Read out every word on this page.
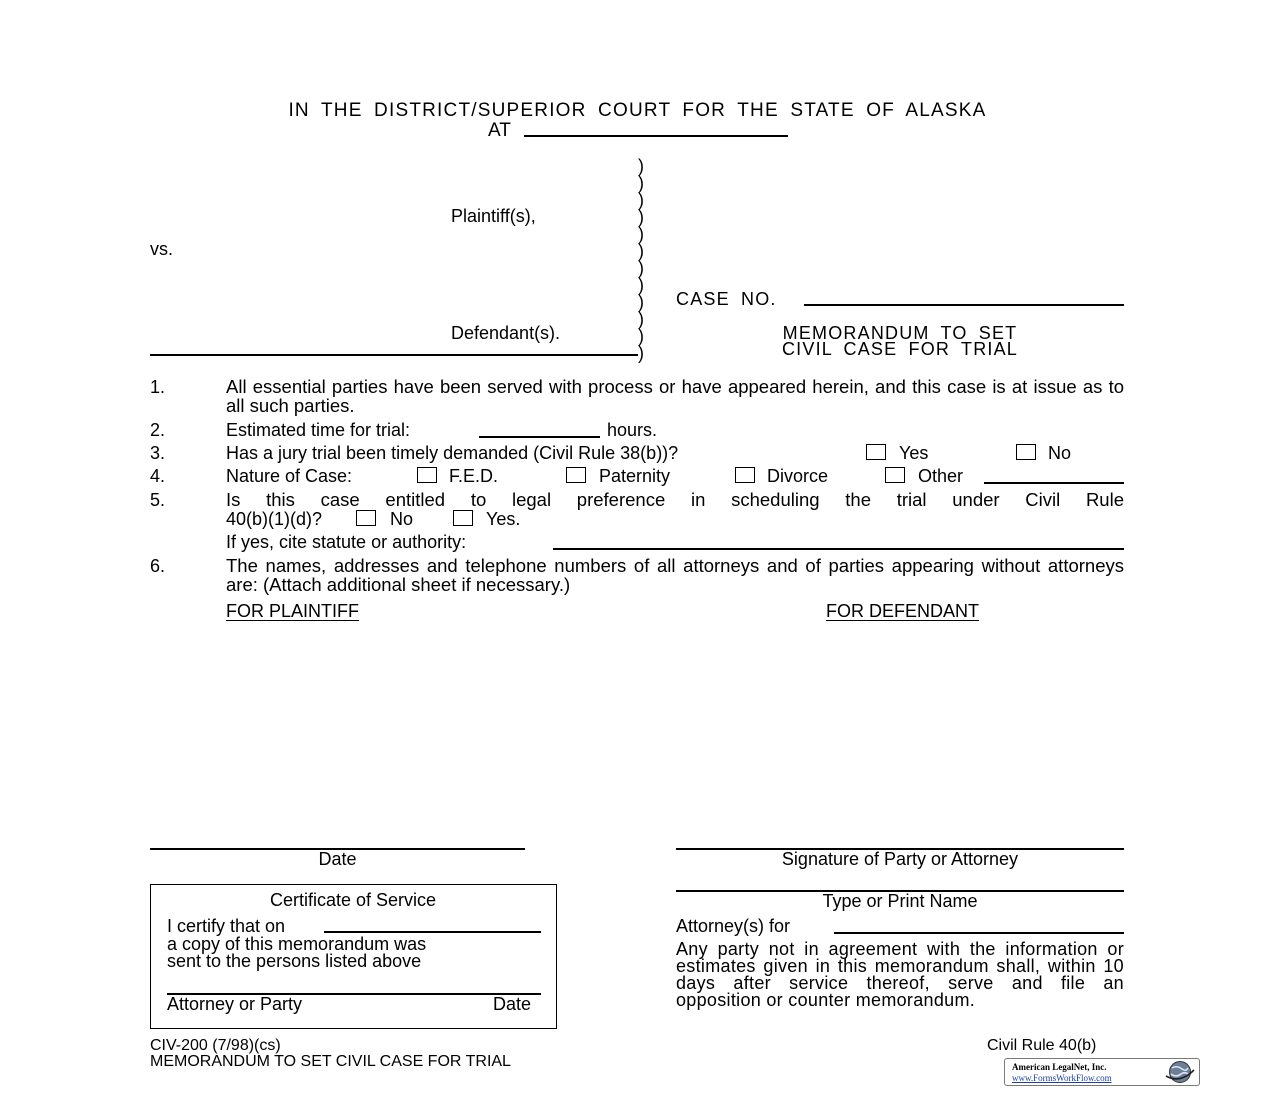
IN THE DISTRICT/SUPERIOR COURT FOR THE STATE OF ALASKA
AT
)
)
)
)
)
)
)
)
)
)
)
)
Plaintiff(s),
vs.
Defendant(s).
CASE NO.
MEMORANDUM TO SET
CIVIL CASE FOR TRIAL
1.	All essential parties have been served with process or have appeared herein, and this case is at issue as to all such parties.
2.	Estimated time for trial:	hours.
3.	Has a jury trial been timely demanded (Civil Rule 38(b))?	Yes	No
4.	Nature of Case:	F.E.D.	Paternity	Divorce	Other
5.	Is this case entitled to legal preference in scheduling the trial under Civil Rule
40(b)(1)(d)?	No	Yes.
If yes, cite statute or authority:
6.	The names, addresses and telephone numbers of all attorneys and of parties appearing without attorneys are: (Attach additional sheet if necessary.)
FOR PLAINTIFF	FOR DEFENDANT
Date	Signature of Party or Attorney
Type or Print Name
Attorney(s) for
Any party not in agreement with the information or estimates given in this memorandum shall, within 10 days after service thereof, serve and file an opposition or counter memorandum.
Certificate of Service
I certify that on
a copy of this memorandum was
sent to the persons listed above
Attorney or Party	Date
CIV-200 (7/98)(cs)
MEMORANDUM TO SET CIVIL CASE FOR TRIAL
Civil Rule 40(b)
American LegalNet, Inc.
www.FormsWorkFlow.com
